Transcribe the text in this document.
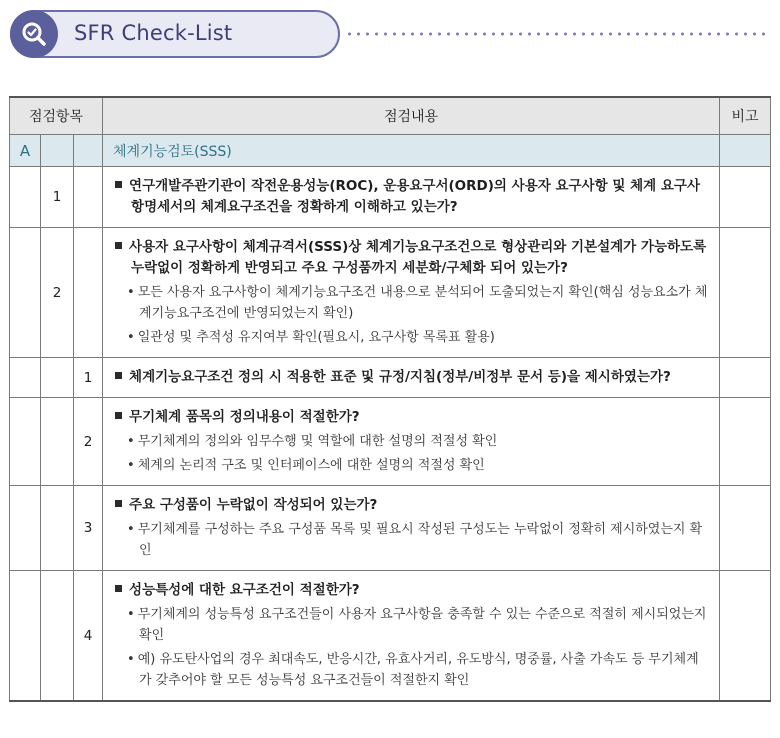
SFR Check-List
점검항목			점검내용	비고
A			체계기능검토(SSS)	
	1		연구개발주관기관이 작전운용성능(ROC), 운용요구서(ORD)의 사용자 요구사항 및 체계 요구사항명세서의 체계요구조건을 정확하게 이해하고 있는가?	

	2		사용자 요구사항이 체계규격서(SSS)상 체계기능요구조건으로 형상관리와 기본설계가 가능하도록 누락없이 정확하게 반영되고 주요 구성품까지 세분화/구체화 되어 있는가?
• 모든 사용자 요구사항이 체계기능요구조건 내용으로 분석되어 도출되었는지 확인(핵심 성능요소가 체계기능요구조건에 반영되었는지 확인)
• 일관성 및 추적성 유지여부 확인(필요시, 요구사항 목록표 활용)	

		1	체계기능요구조건 정의 시 적용한 표준 및 규정/지침(정부/비정부 문서 등)을 제시하였는가?	

		2	무기체계 품목의 정의내용이 적절한가?
• 무기체계의 정의와 임무수행 및 역할에 대한 설명의 적절성 확인
• 체계의 논리적 구조 및 인터페이스에 대한 설명의 적절성 확인	

		3	주요 구성품이 누락없이 작성되어 있는가?
• 무기체계를 구성하는 주요 구성품 목록 및 필요시 작성된 구성도는 누락없이 정확히 제시하였는지 확인	

		4	성능특성에 대한 요구조건이 적절한가?
• 무기체계의 성능특성 요구조건들이 사용자 요구사항을 충족할 수 있는 수준으로 적절히 제시되었는지 확인
• 예) 유도탄사업의 경우 최대속도, 반응시간, 유효사거리, 유도방식, 명중률, 사출 가속도 등 무기체계가 갖추어야 할 모든 성능특성 요구조건들이 적절한지 확인	
